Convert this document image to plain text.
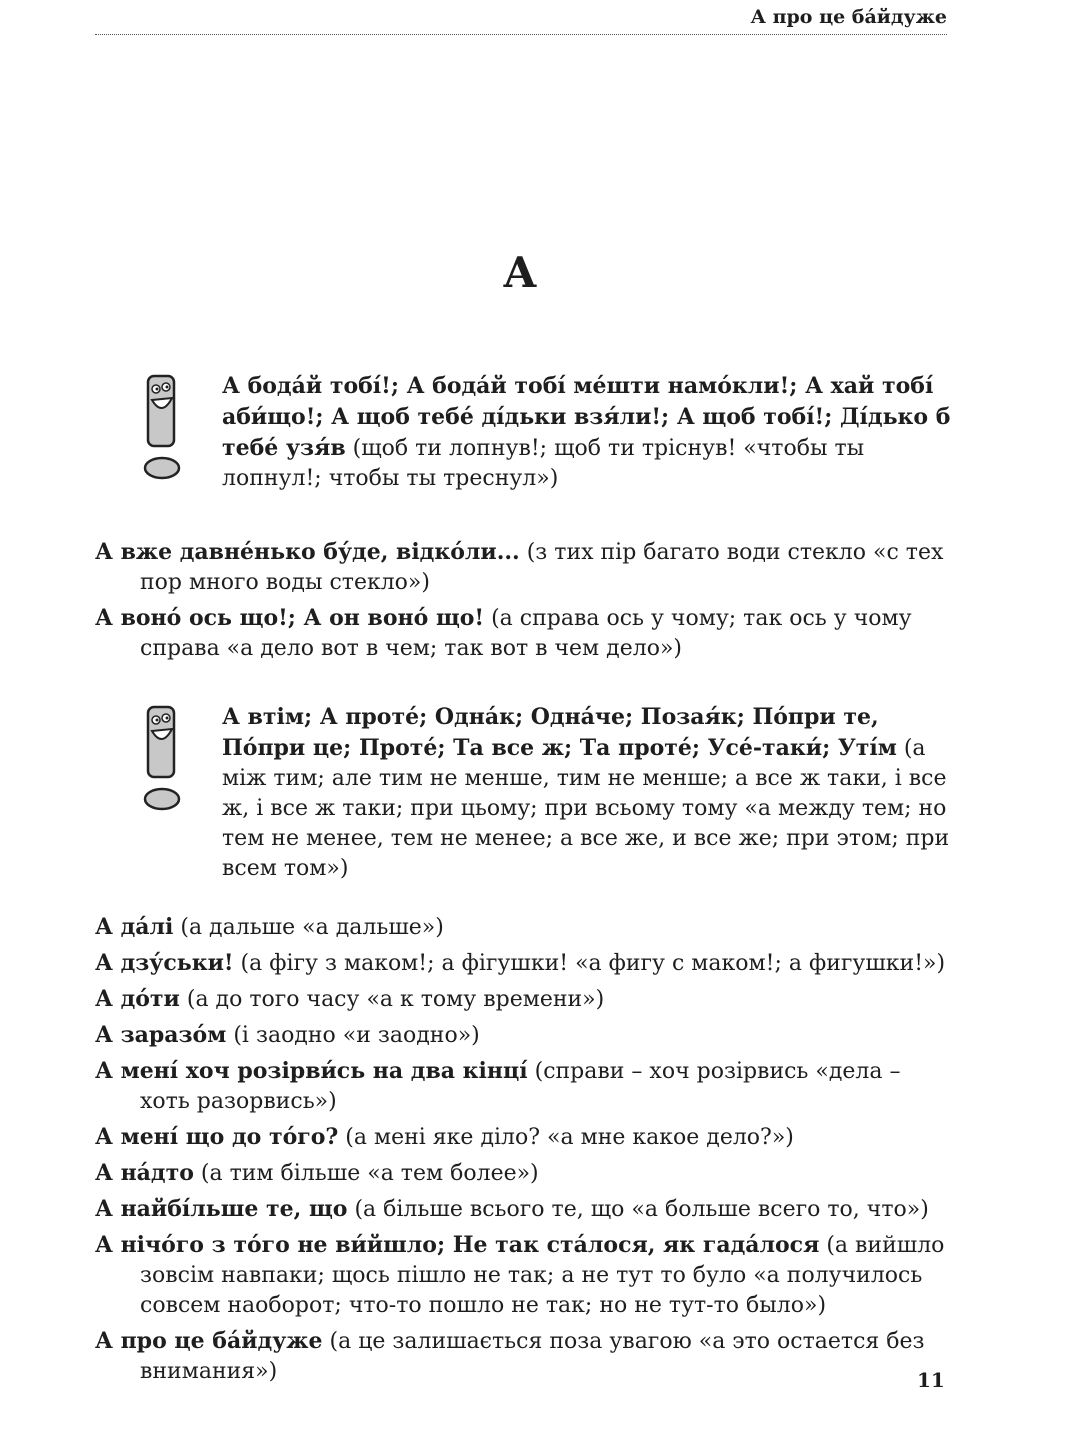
А про це ба́йдуже
А
А бода́й тобі́!; А бода́й тобі́ ме́шти намо́кли!; А хай тобі́ аби́що!; А щоб тебе́ ді́дьки взя́ли!; А щоб тобі́!; Ді́дько б тебе́ узя́в (щоб ти лопнув!; щоб ти тріснув! «чтобы ты лопнул!; чтобы ты треснул»)

А вже давне́нько бу́де, відко́ли... (з тих пір багато води стекло «с тех пор много воды стекло»)

А воно́ ось що!; А он воно́ що! (а справа ось у чому; так ось у чому справа «а дело вот в чем; так вот в чем дело»)

А втім; А проте́; Одна́к; Одна́че; Позая́к; По́при те, По́при це; Проте́; Та все ж; Та проте́; Усе́-таки́; Уті́м (а між тим; але тим не менше, тим не менше; а все ж таки, і все ж, і все ж таки; при цьому; при всьому тому «а между тем; но тем не менее, тем не менее; а все же, и все же; при этом; при всем том»)

А да́лі (а дальше «а дальше»)

А дзу́ськи! (а фігу з маком!; а фігушки! «а фигу с маком!; а фигушки!»)

А до́ти (а до того часу «а к тому времени»)

А заразо́м (і заодно «и заодно»)

А мені́ хоч розірви́сь на два кінці́ (справи – хоч розірвись «дела – хоть разорвись»)

А мені́ що до то́го? (а мені яке діло? «а мне какое дело?»)

А на́дто (а тим більше «а тем более»)

А найбі́льше те, що (а більше всього те, що «а больше всего то, что»)

А нічо́го з то́го не ви́йшло; Не так ста́лося, як гада́лося (а вийшло зовсім навпаки; щось пішло не так; а не тут то було «а получилось совсем наоборот; что-то пошло не так; но не тут-то было»)

А про це ба́йдуже (а це залишається поза увагою «а это остается без внимания»)	11
